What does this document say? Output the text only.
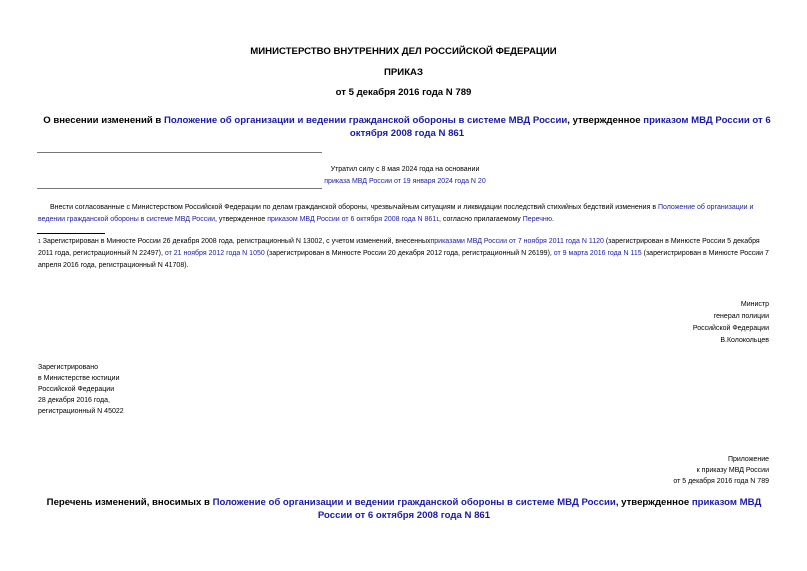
МИНИСТЕРСТВО ВНУТРЕННИХ ДЕЛ РОССИЙСКОЙ ФЕДЕРАЦИИ
ПРИКАЗ
от 5 декабря 2016 года N 789
О внесении изменений в Положение об организации и ведении гражданской обороны в системе МВД России, утвержденное приказом МВД России от 6 октября 2008 года N 861
Утратил силу с 8 мая 2024 года на основании
приказа МВД России от 19 января 2024 года N 20
Внести согласованные с Министерством Российской Федерации по делам гражданской обороны, чрезвычайным ситуациям и ликвидации последствий стихийных бедствий изменения в Положение об организации и ведении гражданской обороны в системе МВД России, утвержденное приказом МВД России от 6 октября 2008 года N $861^1$, согласно прилагаемому Перечню.
$^1$ Зарегистрирован в Минюсте России 26 декабря 2008 года, регистрационный N 13002, с учетом изменений, внесенныхприказами МВД России от 7 ноября 2011 года N 1120 (зарегистрирован в Минюсте России 5 декабря 2011 года, регистрационный N 22497), от 21 ноября 2012 года N 1050 (зарегистрирован в Минюсте России 20 декабря 2012 года, регистрационный N 26199), от 9 марта 2016 года N 115 (зарегистрирован в Минюсте России 7 апреля 2016 года, регистрационный N 41708).
Министр
генерал полиции
Российской Федерации
В.Колокольцев
Зарегистрировано
в Министерстве юстиции
Российской Федерации
28 декабря 2016 года,
регистрационный N 45022
Приложение
к приказу МВД России
от 5 декабря 2016 года N 789
Перечень изменений, вносимых в Положение об организации и ведении гражданской обороны в системе МВД России, утвержденное приказом МВД России от 6 октября 2008 года N 861
